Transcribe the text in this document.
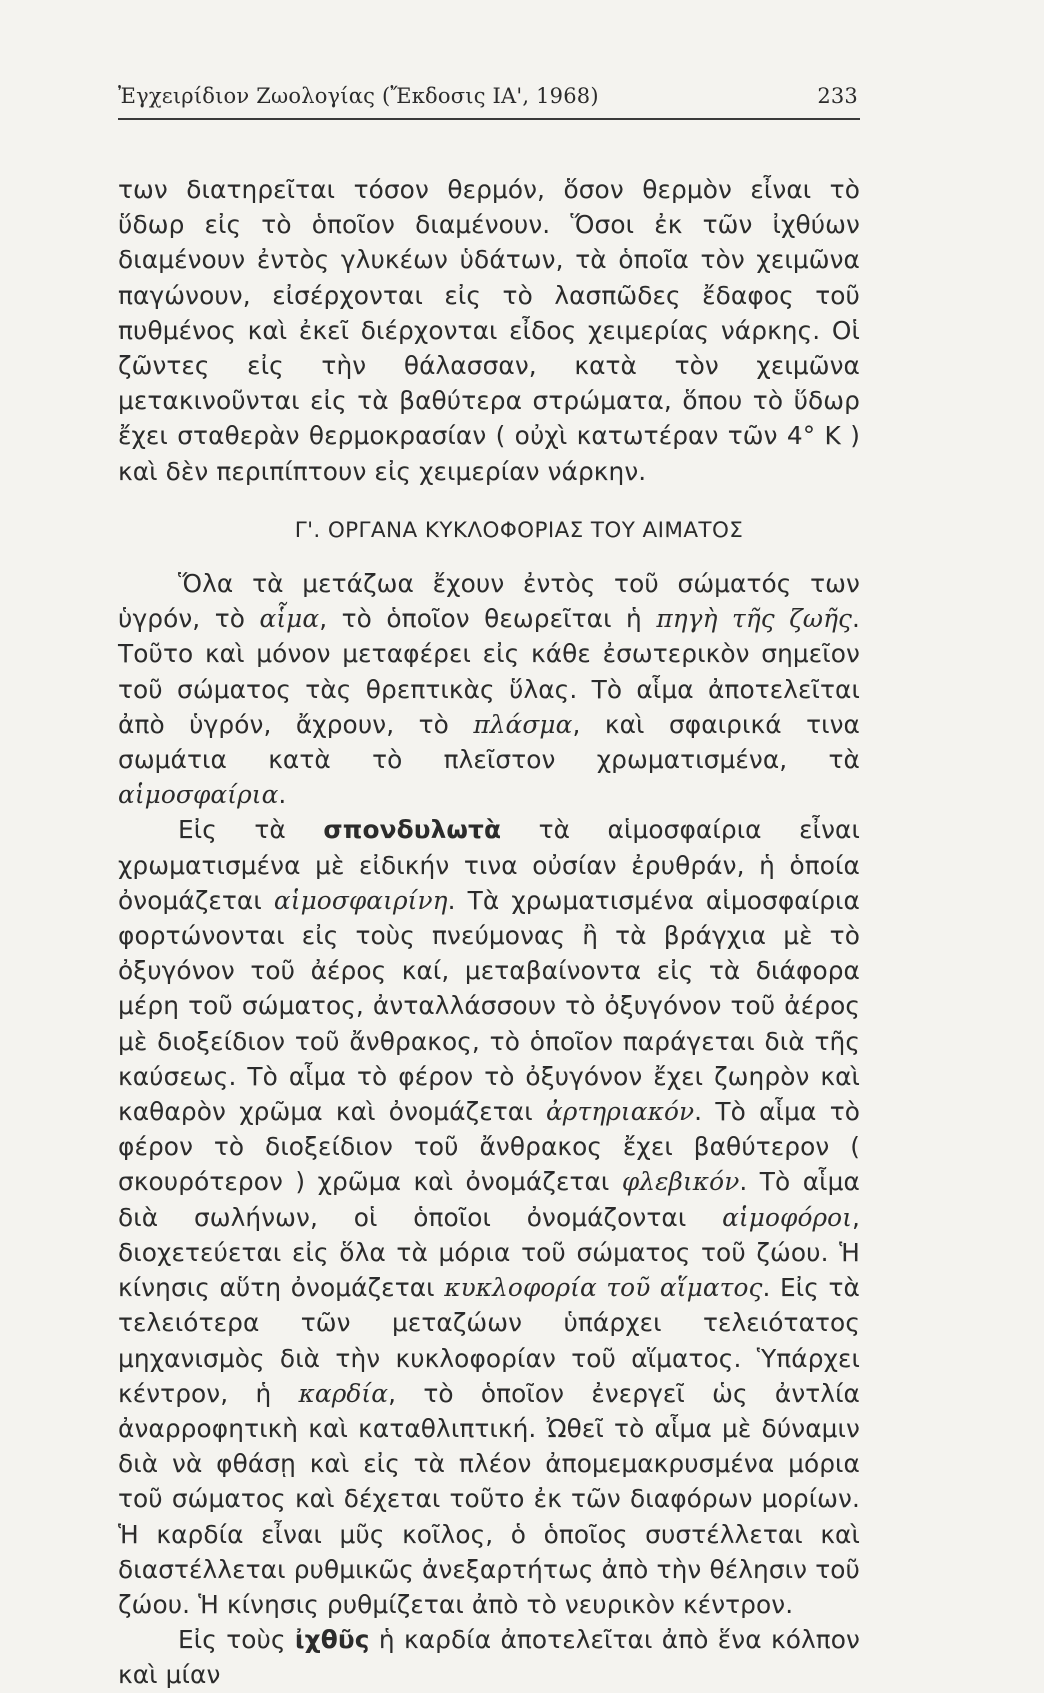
Ἐγχειρίδιον Ζωολογίας (Ἔκδοσις ΙΑ', 1968)	233

των διατηρεῖται τόσον θερμόν, ὅσον θερμὸν εἶναι τὸ ὕδωρ εἰς τὸ ὁποῖον διαμένουν. Ὅσοι ἐκ τῶν ἰχθύων διαμένουν ἐντὸς γλυκέων ὑδάτων, τὰ ὁποῖα τὸν χειμῶνα παγώνουν, εἰσέρχονται εἰς τὸ λασπῶδες ἔδαφος τοῦ πυθμένος καὶ ἐκεῖ διέρχονται εἶδος χειμερίας νάρκης. Οἱ ζῶντες εἰς τὴν θάλασσαν, κατὰ τὸν χειμῶνα μετακινοῦνται εἰς τὰ βαθύτερα στρώματα, ὅπου τὸ ὕδωρ ἔχει σταθερὰν θερμοκρασίαν ( οὐχὶ κατωτέραν τῶν 4° Κ ) καὶ δὲν περιπίπτουν εἰς χειμερίαν νάρκην.

Γ'. ΟΡΓΑΝΑ ΚΥΚΛΟΦΟΡΙΑΣ ΤΟΥ ΑΙΜΑΤΟΣ

Ὅλα τὰ μετάζωα ἔχουν ἐντὸς τοῦ σώματός των ὑγρόν, τὸ αἷμα, τὸ ὁποῖον θεωρεῖται ἡ πηγὴ τῆς ζωῆς. Τοῦτο καὶ μόνον μεταφέρει εἰς κάθε ἐσωτερικὸν σημεῖον τοῦ σώματος τὰς θρεπτικὰς ὕλας. Τὸ αἷμα ἀποτελεῖται ἀπὸ ὑγρόν, ἄχρουν, τὸ πλάσμα, καὶ σφαιρικά τινα σωμάτια κατὰ τὸ πλεῖστον χρωματισμένα, τὰ αἱμοσφαίρια.

Εἰς τὰ σπονδυλωτὰ τὰ αἱμοσφαίρια εἶναι χρωματισμένα μὲ εἰδικήν τινα οὐσίαν ἐρυθράν, ἡ ὁποία ὀνομάζεται αἱμοσφαιρίνη. Τὰ χρωματισμένα αἱμοσφαίρια φορτώνονται εἰς τοὺς πνεύμονας ἢ τὰ βράγχια μὲ τὸ ὀξυγόνον τοῦ ἀέρος καί, μεταβαίνοντα εἰς τὰ διάφορα μέρη τοῦ σώματος, ἀνταλλάσσουν τὸ ὀξυγόνον τοῦ ἀέρος μὲ διοξείδιον τοῦ ἄνθρακος, τὸ ὁποῖον παράγεται διὰ τῆς καύσεως. Τὸ αἷμα τὸ φέρον τὸ ὀξυγόνον ἔχει ζωηρὸν καὶ καθαρὸν χρῶμα καὶ ὀνομάζεται ἀρτηριακόν. Τὸ αἷμα τὸ φέρον τὸ διοξείδιον τοῦ ἄνθρακος ἔχει βαθύτερον ( σκουρότερον ) χρῶμα καὶ ὀνομάζεται φλεβικόν. Τὸ αἷμα διὰ σωλήνων, οἱ ὁποῖοι ὀνομάζονται αἱμοφόροι, διοχετεύεται εἰς ὅλα τὰ μόρια τοῦ σώματος τοῦ ζώου. Ἡ κίνησις αὕτη ὀνομάζεται κυκλοφορία τοῦ αἵματος. Εἰς τὰ τελειότερα τῶν μεταζώων ὑπάρχει τελειότατος μηχανισμὸς διὰ τὴν κυκλοφορίαν τοῦ αἵματος. Ὑπάρχει κέντρον, ἡ καρδία, τὸ ὁποῖον ἐνεργεῖ ὡς ἀντλία ἀναρροφητικὴ καὶ καταθλιπτική. Ὠθεῖ τὸ αἷμα μὲ δύναμιν διὰ νὰ φθάσῃ καὶ εἰς τὰ πλέον ἀπομεμακρυσμένα μόρια τοῦ σώματος καὶ δέχεται τοῦτο ἐκ τῶν διαφόρων μορίων. Ἡ καρδία εἶναι μῦς κοῖλος, ὁ ὁποῖος συστέλλεται καὶ διαστέλλεται ρυθμικῶς ἀνεξαρτήτως ἀπὸ τὴν θέλησιν τοῦ ζώου. Ἡ κίνησις ρυθμίζεται ἀπὸ τὸ νευρικὸν κέντρον.

Εἰς τοὺς ἰχθῦς ἡ καρδία ἀποτελεῖται ἀπὸ ἕνα κόλπον καὶ μίαν
